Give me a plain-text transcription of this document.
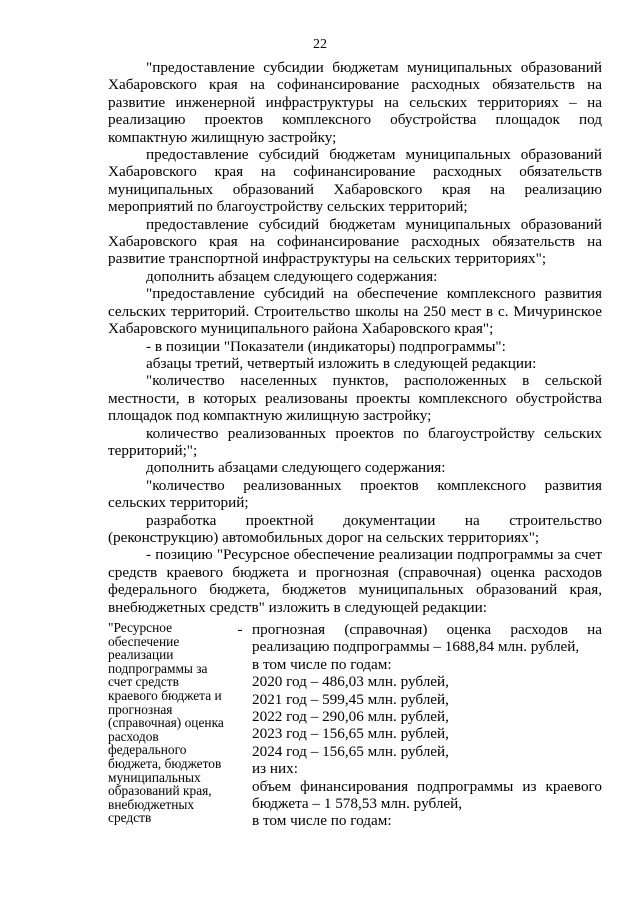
22

"предоставление субсидии бюджетам муниципальных образований Хабаровского края на софинансирование расходных обязательств на развитие инженерной инфраструктуры на сельских территориях – на реализацию проектов комплексного обустройства площадок под компактную жилищную застройку;

предоставление субсидий бюджетам муниципальных образований Хабаровского края на софинансирование расходных обязательств муниципальных образований Хабаровского края на реализацию мероприятий по благоустройству сельских территорий;

предоставление субсидий бюджетам муниципальных образований Хабаровского края на софинансирование расходных обязательств на развитие транспортной инфраструктуры на сельских территориях";

дополнить абзацем следующего содержания:

"предоставление субсидий на обеспечение комплексного развития сельских территорий. Строительство школы на 250 мест в с. Мичуринское Хабаровского муниципального района Хабаровского края";

- в позиции "Показатели (индикаторы) подпрограммы":

абзацы третий, четвертый изложить в следующей редакции:

"количество населенных пунктов, расположенных в сельской местности, в которых реализованы проекты комплексного обустройства площадок под компактную жилищную застройку;

количество реализованных проектов по благоустройству сельских территорий;";

дополнить абзацами следующего содержания:

"количество реализованных проектов комплексного развития сельских территорий;

разработка проектной документации на строительство (реконструкцию) автомобильных дорог на сельских территориях";

- позицию "Ресурсное обеспечение реализации подпрограммы за счет средств краевого бюджета и прогнозная (справочная) оценка расходов федерального бюджета, бюджетов муниципальных образований края, внебюджетных средств" изложить в следующей редакции:

"Ресурсное обеспечение реализации подпрограммы за счет средств краевого бюджета и прогнозная (справочная) оценка расходов федерального бюджета, бюджетов муниципальных образований края, внебюджетных средств
- прогнозная (справочная) оценка расходов на реализацию подпрограммы – 1688,84 млн. рублей,
в том числе по годам:
2020 год – 486,03 млн. рублей,
2021 год – 599,45 млн. рублей,
2022 год – 290,06 млн. рублей,
2023 год – 156,65 млн. рублей,
2024 год – 156,65 млн. рублей,
из них:
объем финансирования подпрограммы из краевого бюджета – 1 578,53 млн. рублей,
в том числе по годам:
